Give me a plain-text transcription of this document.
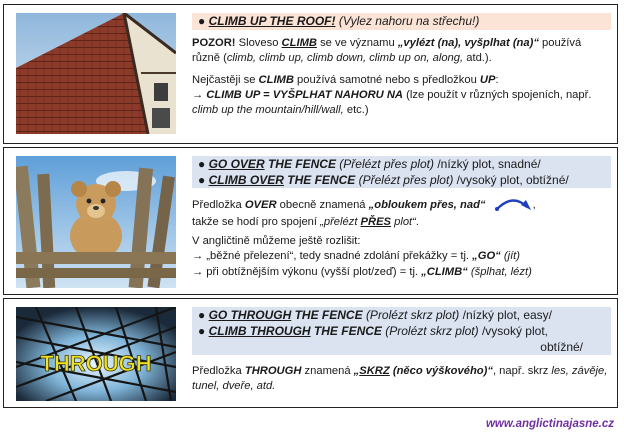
● CLIMB UP THE ROOF! (Vylez nahoru na střechu!)

POZOR! Sloveso CLIMB se ve významu „vylézt (na), vyšplhat (na)“ používá různě (climb, climb up, climb down, climb up on, along, atd.).

Nejčastěji se CLIMB používá samotné nebo s předložkou UP:

→ CLIMB UP = VYŠPLHAT NAHORU NA (lze použít v různých spojeních, např. climb up the mountain/hill/wall, etc.)

● GO OVER THE FENCE (Přelézt přes plot) /nízký plot, snadné/

● CLIMB OVER THE FENCE (Přelézt přes plot) /vysoký plot, obtížné/

Předložka OVER obecně znamená „obloukem přes, nad“	,

takže se hodí pro spojení „přelézt PŘES plot“.

V angličtině můžeme ještě rozlišit:

→ „běžné přelezení“, tedy snadné zdolání překážky = tj. „GO“ (jít)

→ při obtížnějším výkonu (vyšší plot/zeď) = tj. „CLIMB“ (šplhat, lézt)

THROUGH

● GO THROUGH THE FENCE (Prolézt skrz plot) /nízký plot, easy/

● CLIMB THROUGH THE FENCE (Prolézt skrz plot) /vysoký plot,
obtížné/

Předložka THROUGH znamená „SKRZ (něco výškového)“, např. skrz les, závěje, tunel, dveře, atd.

www.anglictinajasne.cz
